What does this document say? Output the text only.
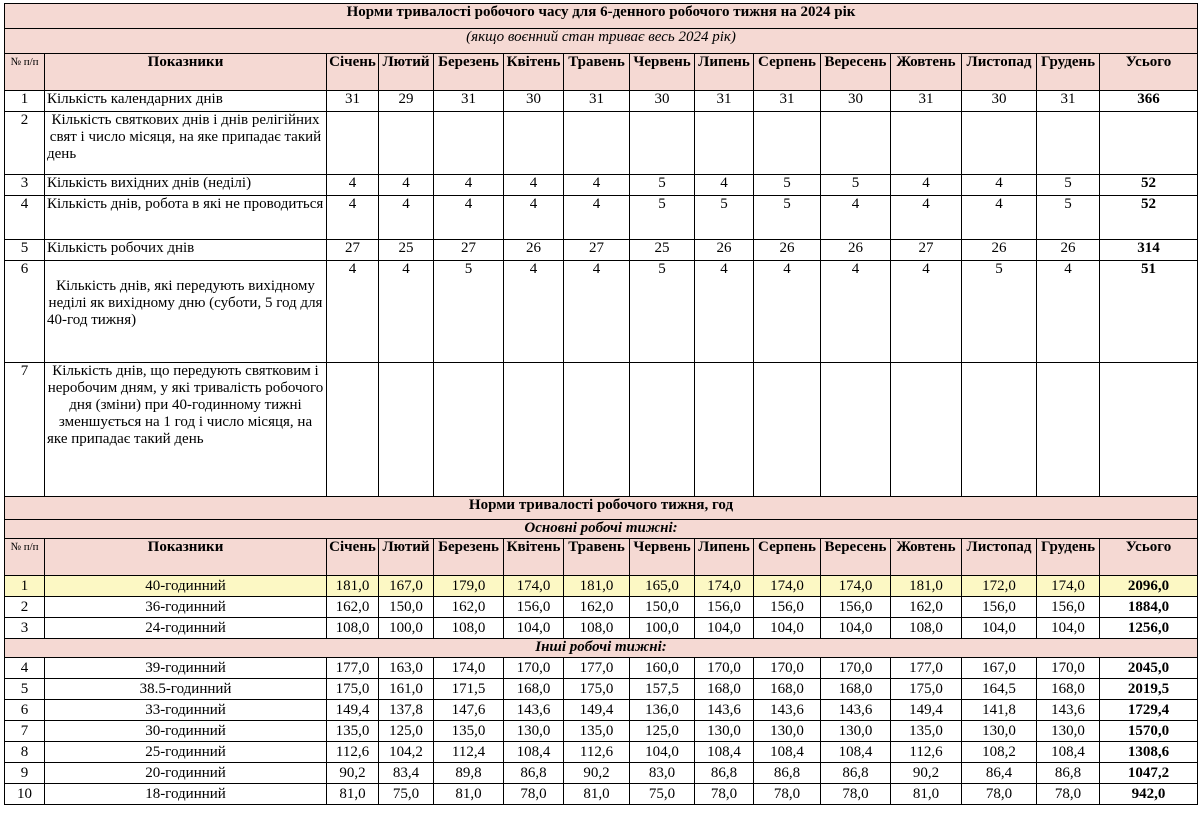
Норми тривалості робочого часу для 6-денного робочого тижня на 2024 рік														
(якщо воєнний стан триває весь 2024 рік)														
№ п/п	Показники	Січень	Лютий	Березень	Квітень	Травень	Червень	Липень	Серпень	Вересень	Жовтень	Листопад	Грудень	Усього
1	Кількість календарних днів	31	29	31	30	31	30	31	31	30	31	30	31	366
2	Кількість святкових днів і днів релігійних свят і число місяця, на яке припадає такий день													
3	Кількість вихідних днів (неділі)	4	4	4	4	4	5	4	5	5	4	4	5	52
4	Кількість днів, робота в які не проводиться	4	4	4	4	4	5	5	5	4	4	4	5	52
5	Кількість робочих днів	27	25	27	26	27	25	26	26	26	27	26	26	314
6	Кількість днів, які передують вихідному неділі як вихідному дню (суботи, 5 год для 40-год тижня)	4	4	5	4	4	5	4	4	4	4	5	4	51
7	Кількість днів, що передують святковим і неробочим дням, у які тривалість робочого дня (зміни) при 40-годинному тижні зменшується на 1 год і число місяця, на яке припадає такий день													
Норми тривалості робочого тижня, год														
Основні робочі тижні:														
№ п/п	Показники	Січень	Лютий	Березень	Квітень	Травень	Червень	Липень	Серпень	Вересень	Жовтень	Листопад	Грудень	Усього
1	40-годинний	181,0	167,0	179,0	174,0	181,0	165,0	174,0	174,0	174,0	181,0	172,0	174,0	2096,0
2	36-годинний	162,0	150,0	162,0	156,0	162,0	150,0	156,0	156,0	156,0	162,0	156,0	156,0	1884,0
3	24-годинний	108,0	100,0	108,0	104,0	108,0	100,0	104,0	104,0	104,0	108,0	104,0	104,0	1256,0
Інші робочі тижні:														
4	39-годинний	177,0	163,0	174,0	170,0	177,0	160,0	170,0	170,0	170,0	177,0	167,0	170,0	2045,0
5	38.5-годинний	175,0	161,0	171,5	168,0	175,0	157,5	168,0	168,0	168,0	175,0	164,5	168,0	2019,5
6	33-годинний	149,4	137,8	147,6	143,6	149,4	136,0	143,6	143,6	143,6	149,4	141,8	143,6	1729,4
7	30-годинний	135,0	125,0	135,0	130,0	135,0	125,0	130,0	130,0	130,0	135,0	130,0	130,0	1570,0
8	25-годинний	112,6	104,2	112,4	108,4	112,6	104,0	108,4	108,4	108,4	112,6	108,2	108,4	1308,6
9	20-годинний	90,2	83,4	89,8	86,8	90,2	83,0	86,8	86,8	86,8	90,2	86,4	86,8	1047,2
10	18-годинний	81,0	75,0	81,0	78,0	81,0	75,0	78,0	78,0	78,0	81,0	78,0	78,0	942,0
